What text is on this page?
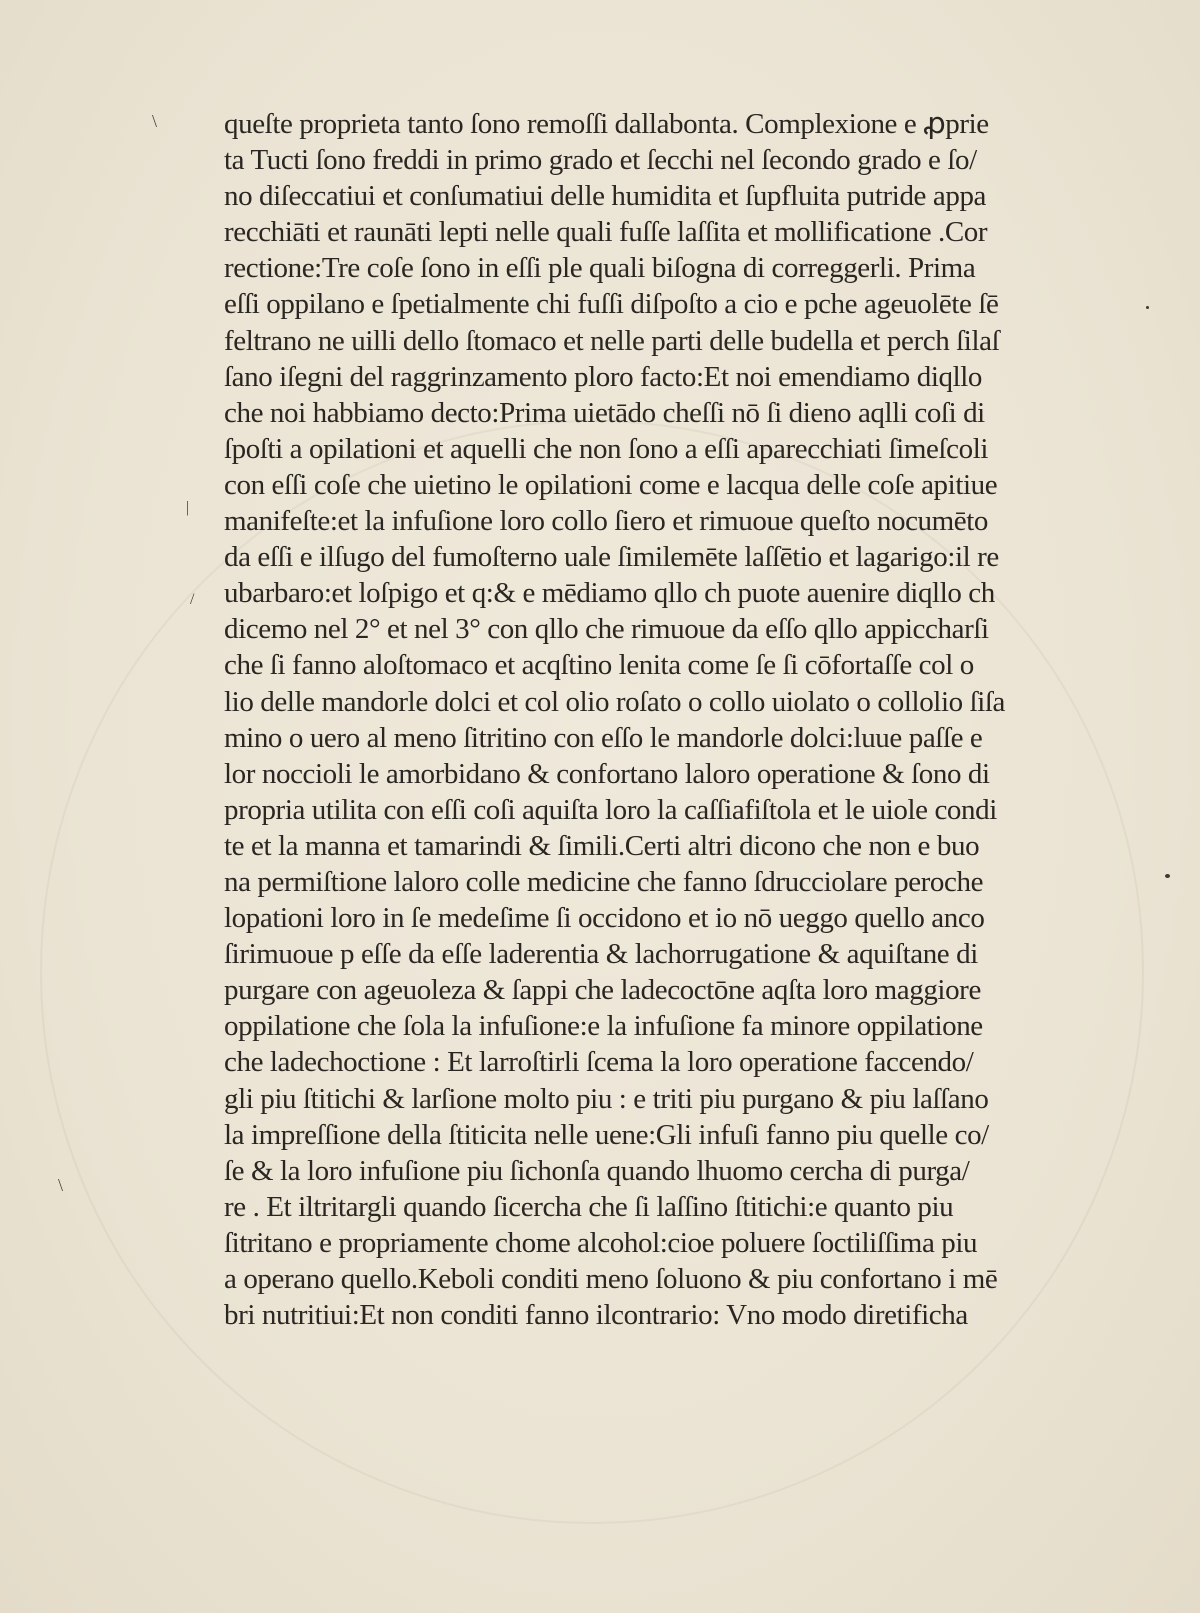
\
|
/
\
queſte proprieta tanto ſono remoſſi dallabonta. Complexione e ꝓprie
ta Tucti ſono freddi in primo grado et ſecchi nel ſecondo grado e ſo/
no diſeccatiui et conſumatiui delle humidita et ſupfluita putride appa
recchiāti et raunāti lepti nelle quali fuſſe laſſita et mollificatione .Cor
rectione:Tre coſe ſono in eſſi ple quali biſogna di correggerli. Prima
eſſi oppilano e ſpetialmente chi fuſſi diſpoſto a cio e pche ageuolēte ſē
feltrano ne uilli dello ſtomaco et nelle parti delle budella et perch ſilaſ
ſano iſegni del raggrinzamento ploro facto:Et noi emendiamo diqllo
che noi habbiamo decto:Prima uietādo cheſſi nō ſi dieno aqlli coſi di
ſpoſti a opilationi et aquelli che non ſono a eſſi aparecchiati ſimeſcoli
con eſſi coſe che uietino le opilationi come e lacqua delle coſe apitiue
manifeſte:et la infuſione loro collo ſiero et rimuoue queſto nocumēto
da eſſi e ilſugo del fumoſterno uale ſimilemēte laſſētio et lagarigo:il re
ubarbaro:et loſpigo et q:& e mēdiamo qllo ch puote auenire diqllo ch
dicemo nel 2° et nel 3° con qllo che rimuoue da eſſo qllo appiccharſi
che ſi fanno aloſtomaco et acqſtino lenita come ſe ſi cōfortaſſe col o
lio delle mandorle dolci et col olio roſato o collo uiolato o collolio ſiſa
mino o uero al meno ſitritino con eſſo le mandorle dolci:luue paſſe e
lor noccioli le amorbidano & confortano laloro operatione & ſono di
propria utilita con eſſi coſi aquiſta loro la caſſiafiſtola et le uiole condi
te et la manna et tamarindi & ſimili.Certi altri dicono che non e buo
na permiſtione laloro colle medicine che fanno ſdrucciolare peroche
lopationi loro in ſe medeſime ſi occidono et io nō ueggo quello anco
ſirimuoue p eſſe da eſſe laderentia & lachorrugatione & aquiſtane di
purgare con ageuoleza & ſappi che ladecoctōne aqſta loro maggiore
oppilatione che ſola la infuſione:e la infuſione fa minore oppilatione
che ladechoctione : Et larroſtirli ſcema la loro operatione faccendo/
gli piu ſtitichi & larſione molto piu : e triti piu purgano & piu laſſano
la impreſſione della ſtiticita nelle uene:Gli infuſi fanno piu quelle co/
ſe & la loro infuſione piu ſichonſa quando lhuomo cercha di purga/
re . Et iltritargli quando ſicercha che ſi laſſino ſtitichi:e quanto piu
ſitritano e propriamente chome alcohol:cioe poluere ſoctiliſſima piu
a operano quello.Keboli conditi meno ſoluono & piu confortano i mē
bri nutritiui:Et non conditi fanno ilcontrario: Vno modo diretificha
